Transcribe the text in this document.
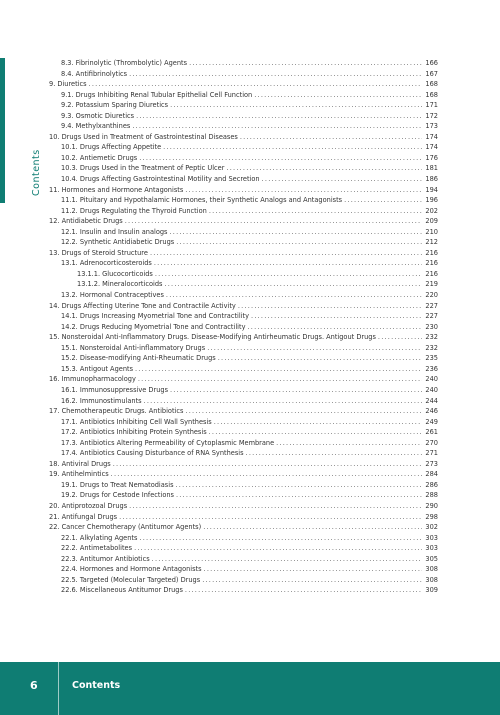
Contents
8.3. Fibrinolytic (Thrombolytic) Agents .....	166
8.4. Antifibrinolytics .....	167
9. Diuretics .....	168
9.1. Drugs Inhibiting Renal Tubular Epithelial Cell Function .....	168
9.2. Potassium Sparing Diuretics .....	171
9.3. Osmotic Diuretics .....	172
9.4. Methylxanthines .....	173
10. Drugs Used in Treatment of Gastrointestinal Diseases .....	174
10.1. Drugs Affecting Appetite .....	174
10.2. Antiemetic Drugs .....	176
10.3. Drugs Used in the Treatment of Peptic Ulcer .....	181
10.4. Drugs Affecting Gastrointestinal Motility and Secretion .....	186
11. Hormones and Hormone Antagonists .....	194
11.1. Pituitary and Hypothalamic Hormones, their Synthetic Analogs and Antagonists .....	196
11.2. Drugs Regulating the Thyroid Function .....	202
12. Antidiabetic Drugs .....	209
12.1. Insulin and Insulin analogs .....	210
12.2. Synthetic Antidiabetic Drugs .....	212
13. Drugs of Steroid Structure .....	216
13.1. Adrenocorticosteroids .....	216
13.1.1. Glucocorticoids .....	216
13.1.2. Mineralocorticoids .....	219
13.2. Hormonal Contraceptives .....	220
14. Drugs Affecting Uterine Tone and Contractile Activity .....	227
14.1. Drugs Increasing Myometrial Tone and Contractility .....	227
14.2. Drugs Reducing Myometrial Tone and Contractility .....	230
15. Nonsteroidal Anti-Inflammatory Drugs. Disease-Modifying Antirheumatic Drugs. Antigout Drugs .....	232
15.1. Nonsteroidal Anti-inflammatory Drugs .....	232
15.2. Disease-modifying Anti-Rheumatic Drugs .....	235
15.3. Antigout Agents .....	236
16. Immunopharmacology .....	240
16.1. Immunosuppressive Drugs .....	240
16.2. Immunostimulants .....	244
17. Chemotherapeutic Drugs. Antibiotics .....	246
17.1. Antibiotics Inhibiting Cell Wall Synthesis .....	249
17.2. Antibiotics Inhibiting Protein Synthesis .....	261
17.3. Antibiotics Altering Permeability of Cytoplasmic Membrane .....	270
17.4. Antibiotics Causing Disturbance of RNA Synthesis .....	271
18. Antiviral Drugs .....	273
19. Antihelmintics .....	284
19.1. Drugs to Treat Nematodiasis .....	286
19.2. Drugs for Cestode Infections .....	288
20. Antiprotozoal Drugs .....	290
21. Antifungal Drugs .....	298
22. Cancer Chemotherapy (Antitumor Agents) .....	302
22.1. Alkylating Agents .....	303
22.2. Antimetabolites .....	303
22.3. Antitumor Antibiotics .....	305
22.4. Hormones and Hormone Antagonists .....	308
22.5. Targeted (Molecular Targeted) Drugs .....	308
22.6. Miscellaneous Antitumor Drugs .....	309
6	Contents
